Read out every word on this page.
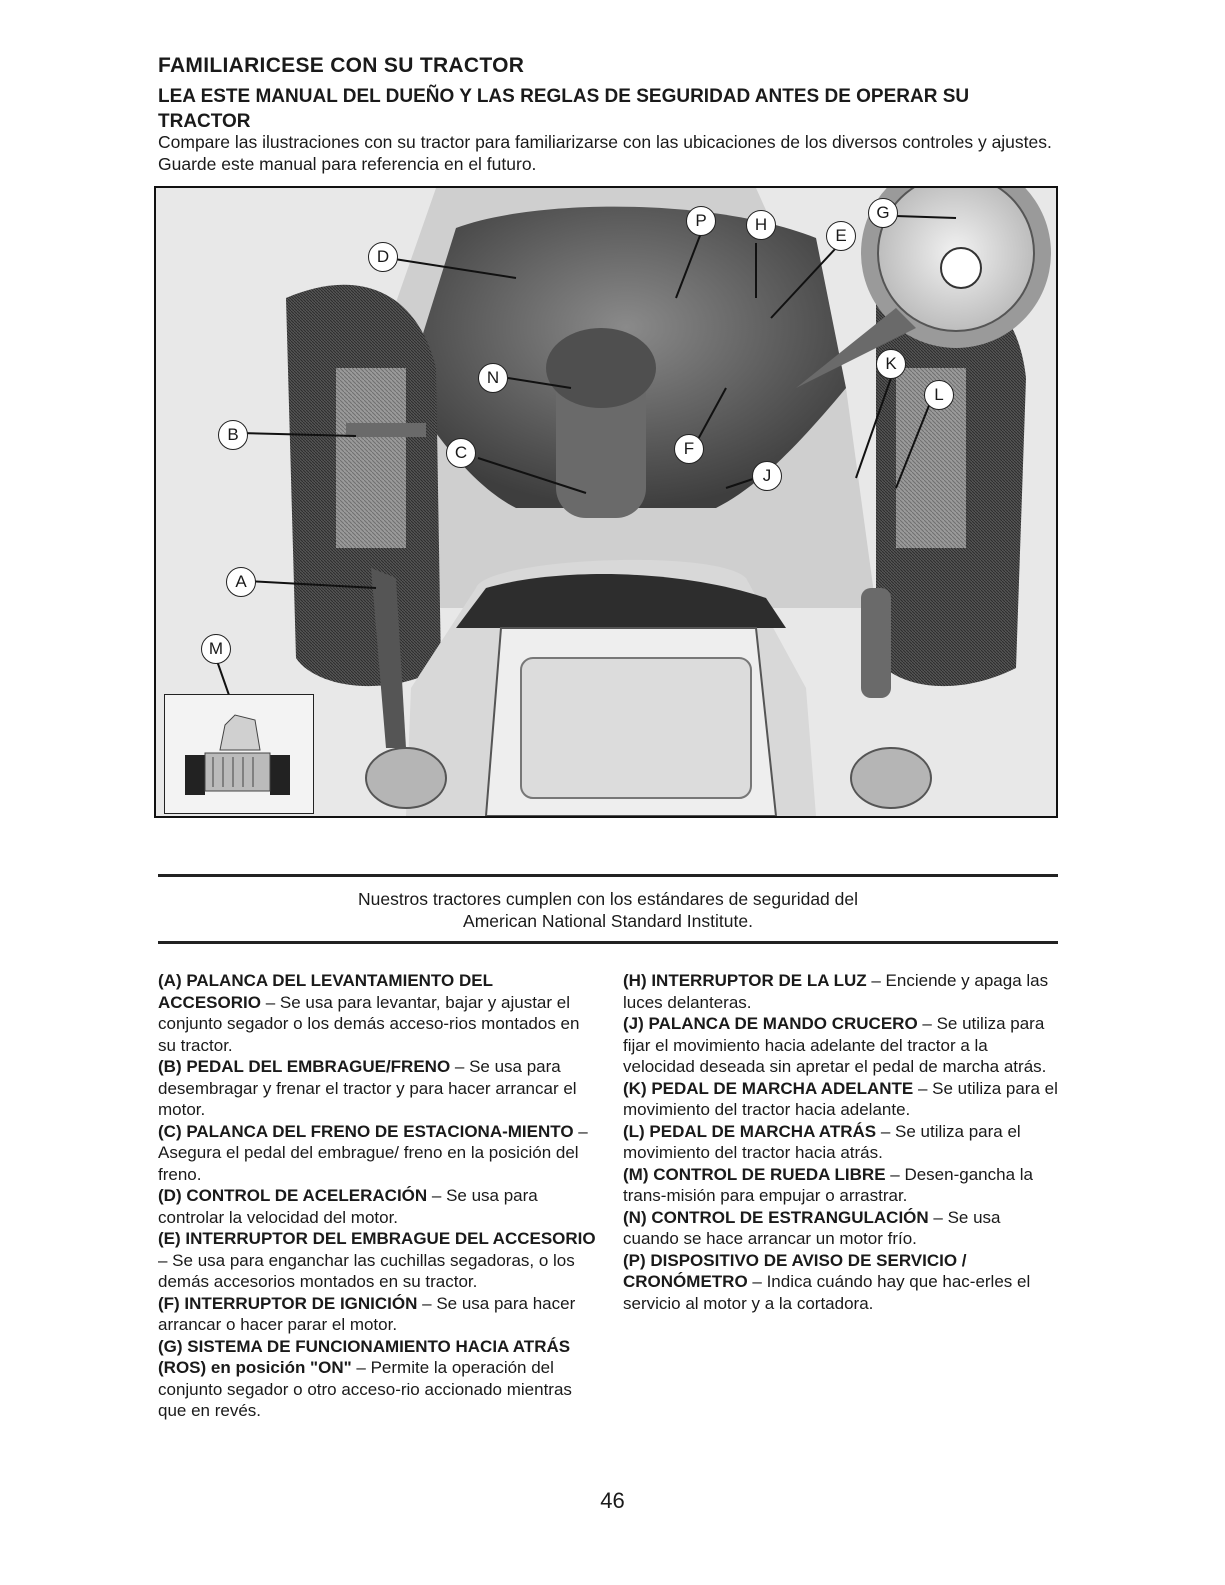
FAMILIARICESE CON SU TRACTOR
LEA ESTE MANUAL DEL DUEÑO Y LAS REGLAS DE SEGURIDAD ANTES DE OPERAR SU TRACTOR
Compare las ilustraciones con su tractor para familiarizarse con las ubicaciones de los diversos controles y ajustes. Guarde este manual para referencia en el futuro.
D
P	H
E
G
N
K
L
B
C	F
J
A
M
Nuestros tractores cumplen con los estándares de seguridad del
American National Standard Institute.

(A) PALANCA DEL LEVANTAMIENTO DEL ACCESORIO – Se usa para levantar, bajar y ajustar el conjunto segador o los demás acceso-rios montados en su tractor.

(B) PEDAL DEL EMBRAGUE/FRENO – Se usa para desembragar y frenar el tractor y para hacer arrancar el motor.

(C) PALANCA DEL FRENO DE ESTACIONA-MIENTO – Asegura el pedal del embrague/ freno en la posición del freno.

(D) CONTROL DE ACELERACIÓN – Se usa para controlar la velocidad del motor.

(E) INTERRUPTOR DEL EMBRAGUE DEL ACCESORIO – Se usa para enganchar las cuchillas segadoras, o los demás accesorios montados en su tractor.

(F) INTERRUPTOR DE IGNICIÓN – Se usa para hacer arrancar o hacer parar el motor.

(G) SISTEMA DE FUNCIONAMIENTO HACIA ATRÁS (ROS) en posición "ON" – Permite la operación del conjunto segador o otro acceso-rio accionado mientras que en revés.

(H) INTERRUPTOR DE LA LUZ – Enciende y apaga las luces delanteras.

(J) PALANCA DE MANDO CRUCERO – Se utiliza para fijar el movimiento hacia adelante del tractor a la velocidad deseada sin apretar el pedal de marcha atrás.

(K) PEDAL DE MARCHA ADELANTE – Se utiliza para el movimiento del tractor hacia adelante.

(L) PEDAL DE MARCHA ATRÁS – Se utiliza para el movimiento del tractor hacia atrás.

(M) CONTROL DE RUEDA LIBRE – Desen-gancha la trans-misión para empujar o arrastrar.

(N) CONTROL DE ESTRANGULACIÓN – Se usa cuando se hace arrancar un motor frío.

(P) DISPOSITIVO DE AVISO DE SERVICIO / CRONÓMETRO – Indica cuándo hay que hac-erles el servicio al motor y a la cortadora.

46
